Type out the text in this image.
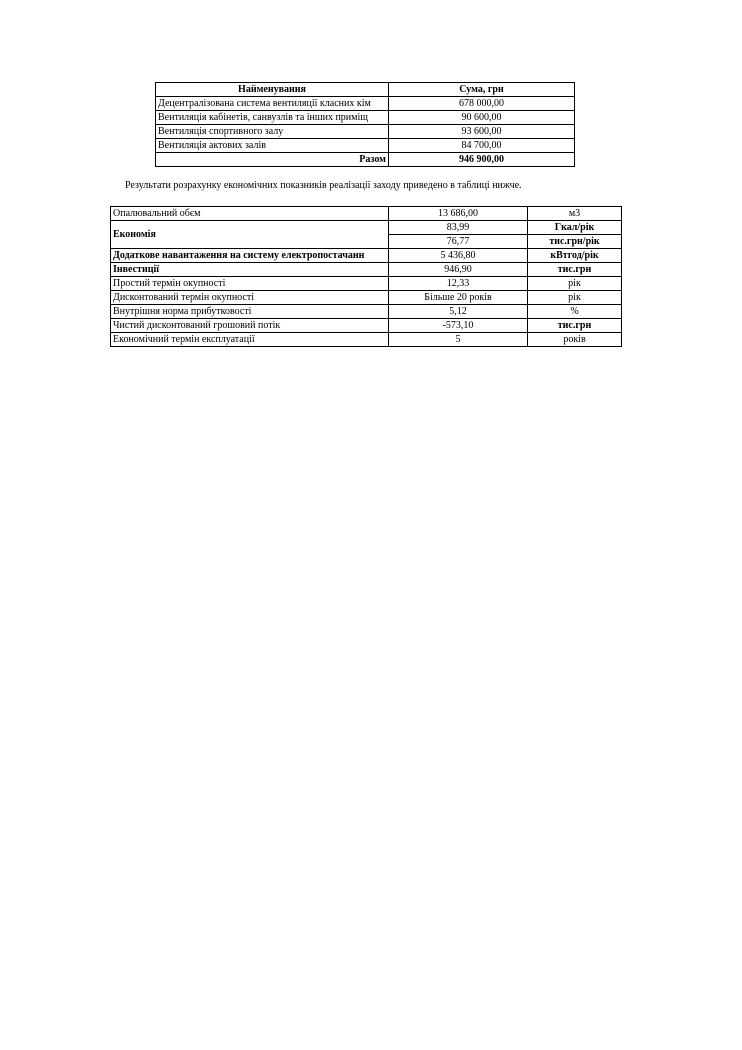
Найменування	Сума, грн
Децентралізована система вентиляції класних кім	678 000,00
Вентиляція кабінетів, санвузлів та інших приміщ	90 600,00
Вентиляція спортивного залу	93 600,00
Вентиляція актових залів	84 700,00
Разом	946 900,00
Результати розрахунку економічних показників реалізації заходу приведено в таблиці нижче.
Опалювальний обєм	13 686,00	м3
Економія	83,99	Гкал/рік
	76,77	тис.грн/рік
Додаткове навантаження на систему електропостачанн	5 436,80	кВтгод/рік
Інвестиції	946,90	тис.грн
Простий термін окупності	12,33	рік
Дисконтований термін окупності	Більше 20 років	рік
Внутрішня норма прибутковості	5,12	%
Чистий дисконтований грошовий потік	-573,10	тис.грн
Економічний термін експлуатації	5	років
